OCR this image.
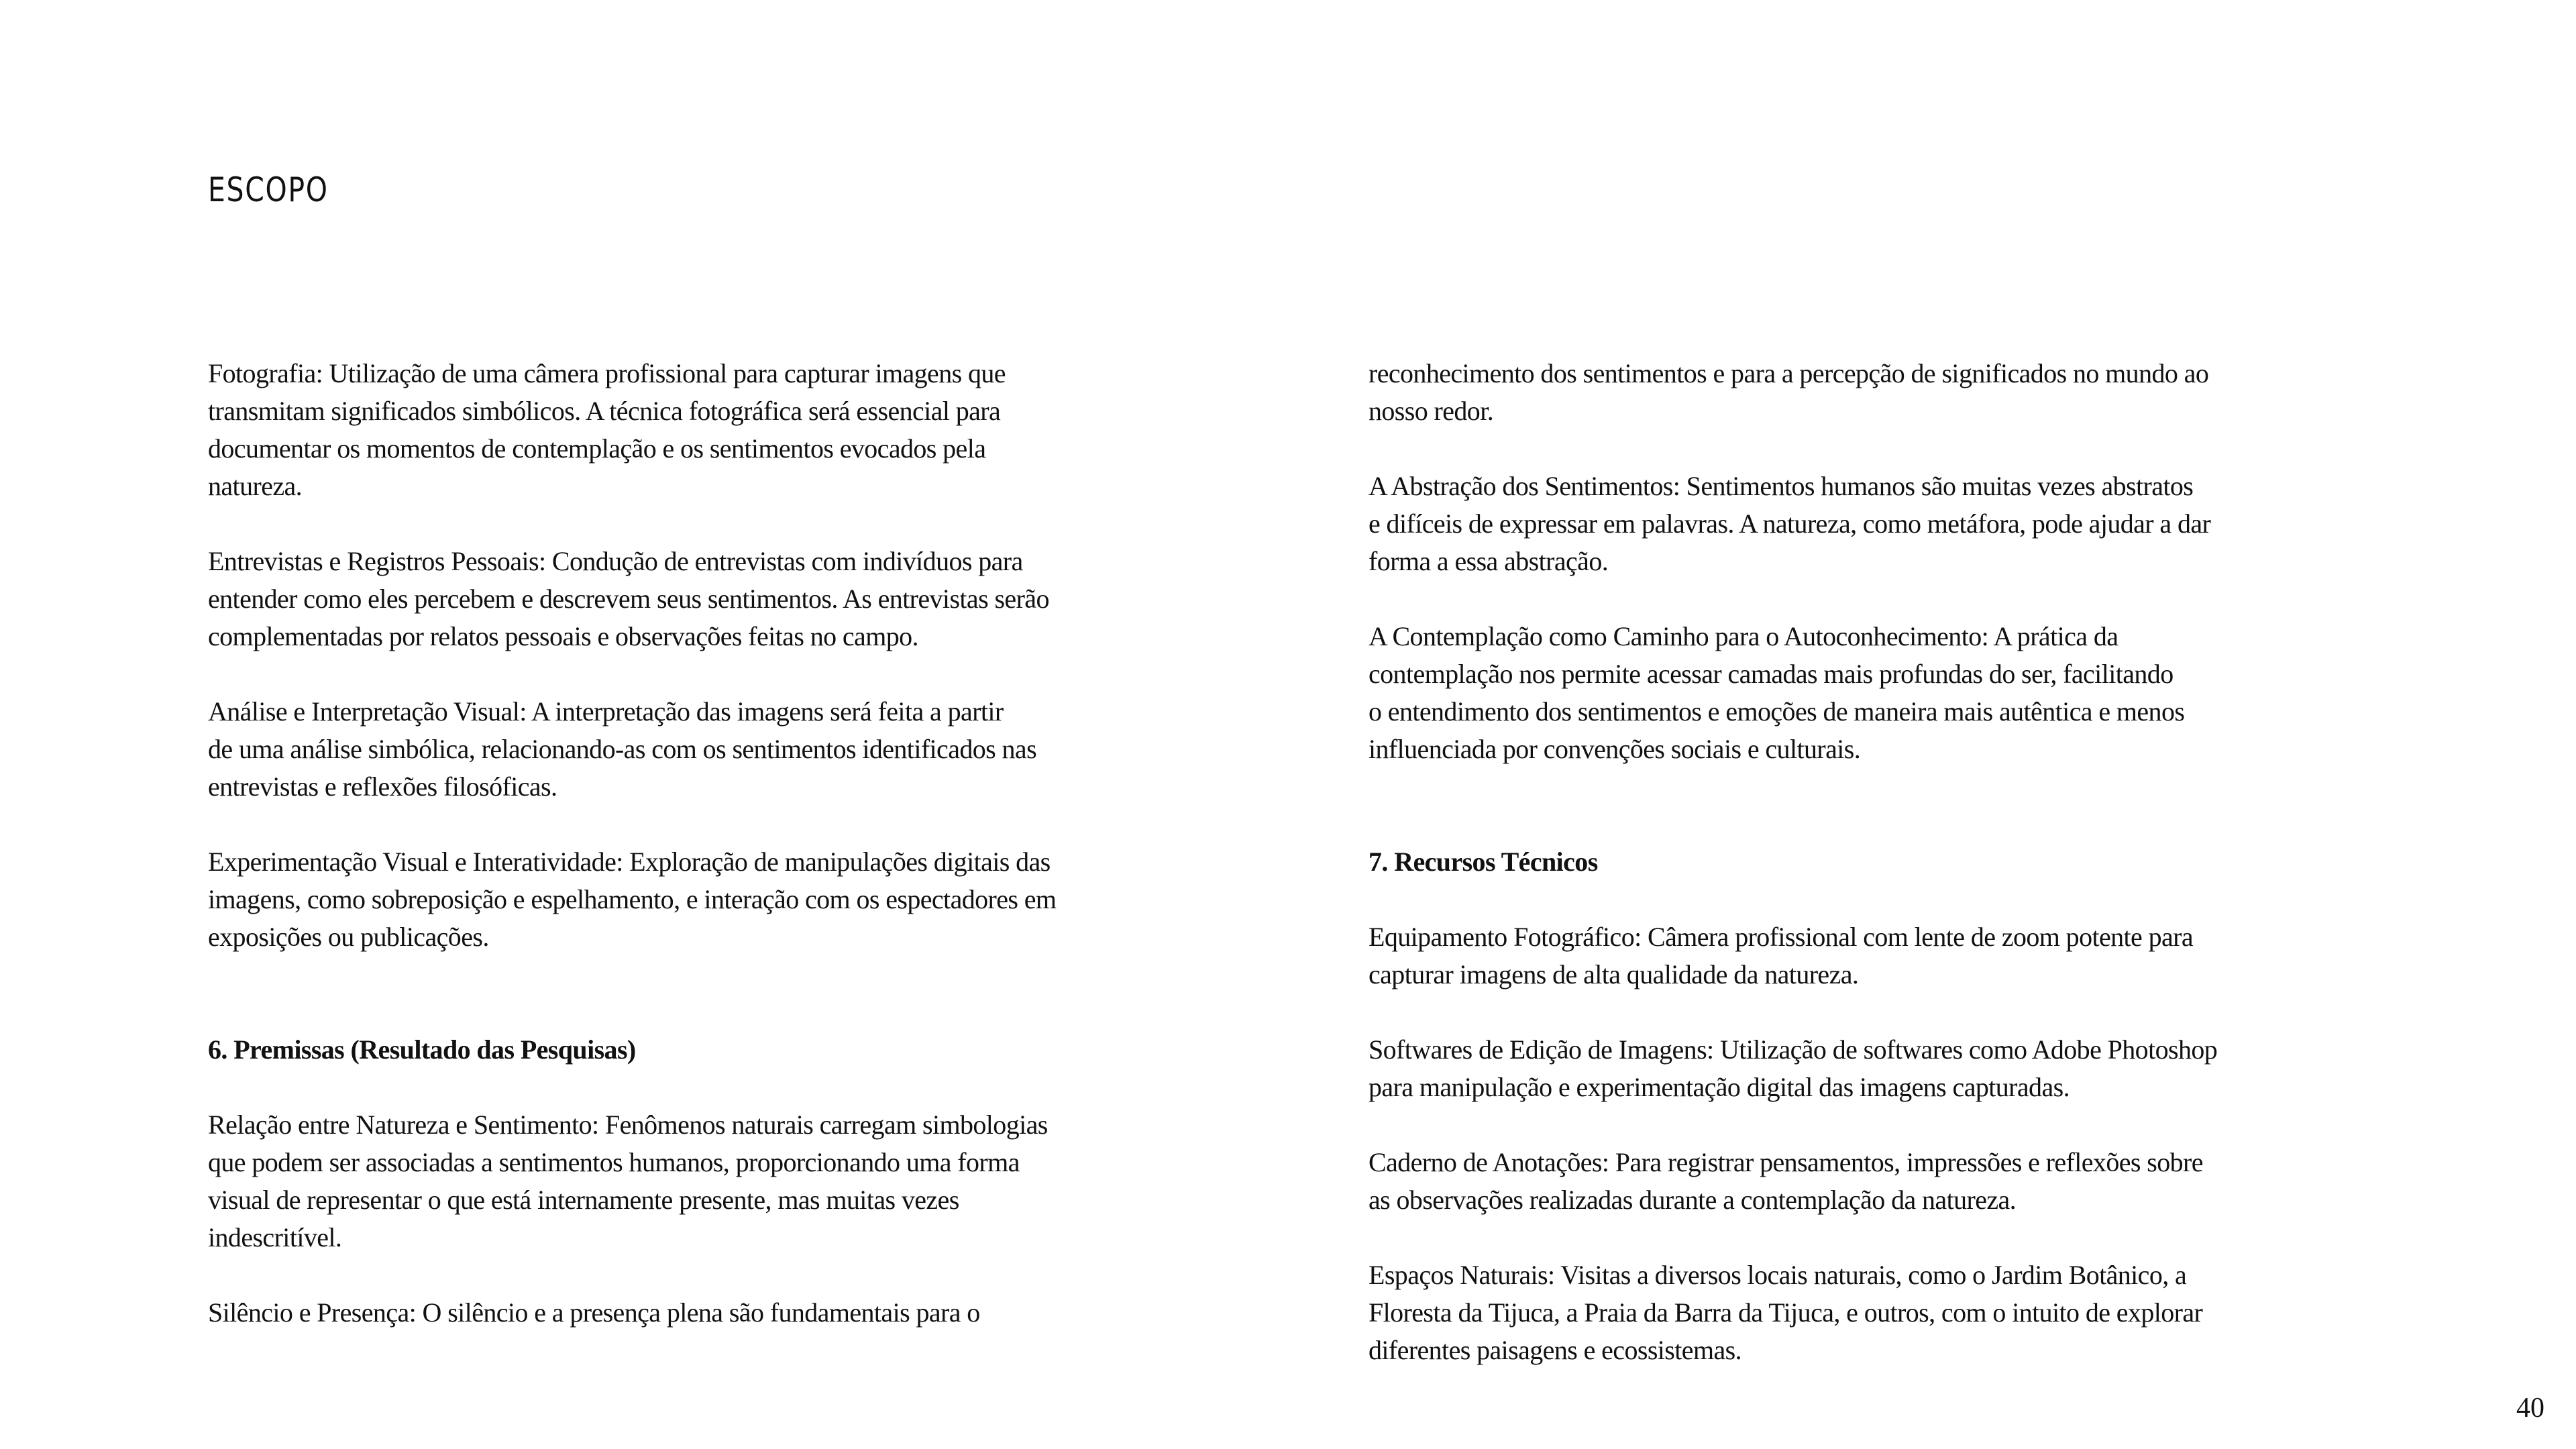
ESCOPO

Fotografia: Utilização de uma câmera profissional para capturar imagens que
transmitam significados simbólicos. A técnica fotográfica será essencial para
documentar os momentos de contemplação e os sentimentos evocados pela
natureza.

Entrevistas e Registros Pessoais: Condução de entrevistas com indivíduos para
entender como eles percebem e descrevem seus sentimentos. As entrevistas serão
complementadas por relatos pessoais e observações feitas no campo.

Análise e Interpretação Visual: A interpretação das imagens será feita a partir
de uma análise simbólica, relacionando-as com os sentimentos identificados nas
entrevistas e reflexões filosóficas.

Experimentação Visual e Interatividade: Exploração de manipulações digitais das
imagens, como sobreposição e espelhamento, e interação com os espectadores em
exposições ou publicações.

6. Premissas (Resultado das Pesquisas)

Relação entre Natureza e Sentimento: Fenômenos naturais carregam simbologias
que podem ser associadas a sentimentos humanos, proporcionando uma forma
visual de representar o que está internamente presente, mas muitas vezes
indescritível.

Silêncio e Presença: O silêncio e a presença plena são fundamentais para o

reconhecimento dos sentimentos e para a percepção de significados no mundo ao
nosso redor.

A Abstração dos Sentimentos: Sentimentos humanos são muitas vezes abstratos
e difíceis de expressar em palavras. A natureza, como metáfora, pode ajudar a dar
forma a essa abstração.

A Contemplação como Caminho para o Autoconhecimento: A prática da
contemplação nos permite acessar camadas mais profundas do ser, facilitando
o entendimento dos sentimentos e emoções de maneira mais autêntica e menos
influenciada por convenções sociais e culturais.

7. Recursos Técnicos

Equipamento Fotográfico: Câmera profissional com lente de zoom potente para
capturar imagens de alta qualidade da natureza.

Softwares de Edição de Imagens: Utilização de softwares como Adobe Photoshop
para manipulação e experimentação digital das imagens capturadas.

Caderno de Anotações: Para registrar pensamentos, impressões e reflexões sobre
as observações realizadas durante a contemplação da natureza.

Espaços Naturais: Visitas a diversos locais naturais, como o Jardim Botânico, a
Floresta da Tijuca, a Praia da Barra da Tijuca, e outros, com o intuito de explorar
diferentes paisagens e ecossistemas.

40
